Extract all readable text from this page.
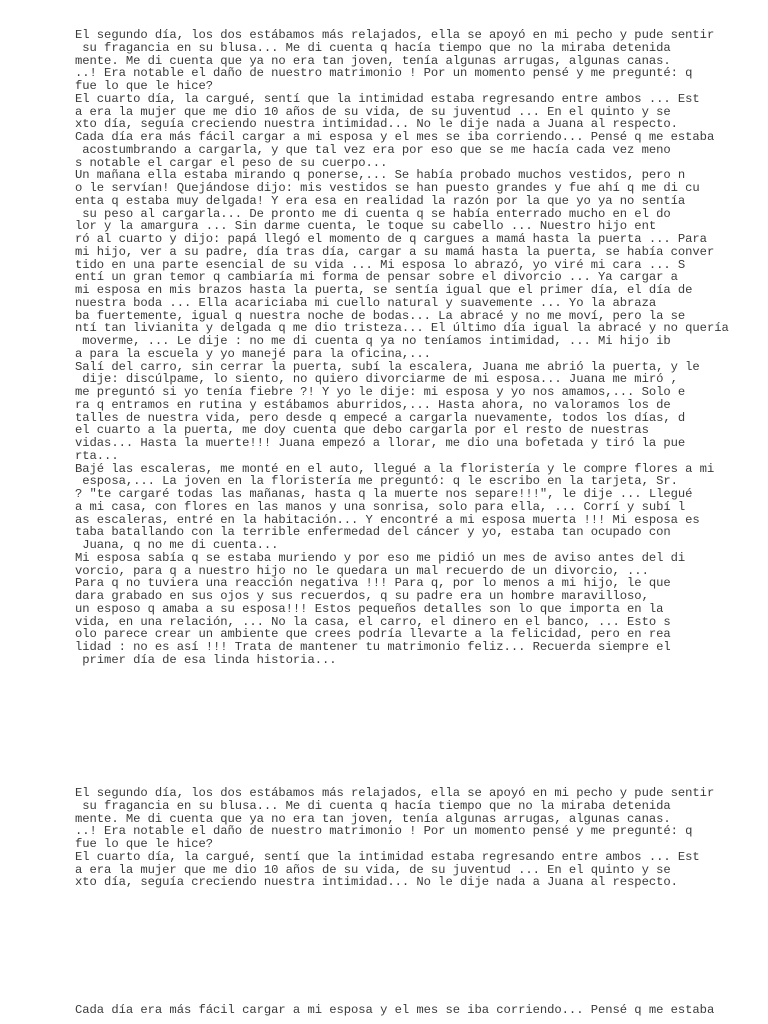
El segundo día, los dos estábamos más relajados, ella se apoyó en mi pecho y pude sentir
su fragancia en su blusa... Me di cuenta q hacía tiempo que no la miraba detenida
mente. Me di cuenta que ya no era tan joven, tenía algunas arrugas, algunas canas.
..! Era notable el daño de nuestro matrimonio ! Por un momento pensé y me pregunté: q
fue lo que le hice?
El cuarto día, la cargué, sentí que la intimidad estaba regresando entre ambos ... Est
a era la mujer que me dio 10 años de su vida, de su juventud ... En el quinto y se
xto día, seguía creciendo nuestra intimidad... No le dije nada a Juana al respecto.
Cada día era más fácil cargar a mi esposa y el mes se iba corriendo... Pensé q me estaba
acostumbrando a cargarla, y que tal vez era por eso que se me hacía cada vez meno
s notable el cargar el peso de su cuerpo...
Un mañana ella estaba mirando q ponerse,... Se había probado muchos vestidos, pero n
o le servían! Quejándose dijo: mis vestidos se han puesto grandes y fue ahí q me di cu
enta q estaba muy delgada! Y era esa en realidad la razón por la que yo ya no sentía
su peso al cargarla... De pronto me di cuenta q se había enterrado mucho en el do
lor y la amargura ... Sin darme cuenta, le toque su cabello ... Nuestro hijo ent
ró al cuarto y dijo: papá llegó el momento de q cargues a mamá hasta la puerta ... Para
mi hijo, ver a su padre, día tras día, cargar a su mamá hasta la puerta, se había conver
tido en una parte esencial de su vida ... Mi esposa lo abrazó, yo viré mi cara ... S
entí un gran temor q cambiaría mi forma de pensar sobre el divorcio ... Ya cargar a
mi esposa en mis brazos hasta la puerta, se sentía igual que el primer día, el día de
nuestra boda ... Ella acariciaba mi cuello natural y suavemente ... Yo la abraza
ba fuertemente, igual q nuestra noche de bodas... La abracé y no me moví, pero la se
ntí tan livianita y delgada q me dio tristeza... El último día igual la abracé y no quería
moverme, ... Le dije : no me di cuenta q ya no teníamos intimidad, ... Mi hijo ib
a para la escuela y yo manejé para la oficina,...
Salí del carro, sin cerrar la puerta, subí la escalera, Juana me abrió la puerta, y le
dije: discúlpame, lo siento, no quiero divorciarme de mi esposa... Juana me miró ,
me preguntó si yo tenía fiebre ?! Y yo le dije: mi esposa y yo nos amamos,... Solo e
ra q entramos en rutina y estábamos aburridos,... Hasta ahora, no valoramos los de
talles de nuestra vida, pero desde q empecé a cargarla nuevamente, todos los días, d
el cuarto a la puerta, me doy cuenta que debo cargarla por el resto de nuestras
vidas... Hasta la muerte!!! Juana empezó a llorar, me dio una bofetada y tiró la pue
rta...
Bajé las escaleras, me monté en el auto, llegué a la floristería y le compre flores a mi
esposa,... La joven en la floristería me preguntó: q le escribo en la tarjeta, Sr.
? "te cargaré todas las mañanas, hasta q la muerte nos separe!!!", le dije ... Llegué
a mi casa, con flores en las manos y una sonrisa, solo para ella, ... Corrí y subí l
as escaleras, entré en la habitación... Y encontré a mi esposa muerta !!! Mi esposa es
taba batallando con la terrible enfermedad del cáncer y yo, estaba tan ocupado con
Juana, q no me di cuenta...
Mi esposa sabía q se estaba muriendo y por eso me pidió un mes de aviso antes del di
vorcio, para q a nuestro hijo no le quedara un mal recuerdo de un divorcio, ...
Para q no tuviera una reacción negativa !!! Para q, por lo menos a mi hijo, le que
dara grabado en sus ojos y sus recuerdos, q su padre era un hombre maravilloso,
un esposo q amaba a su esposa!!! Estos pequeños detalles son lo que importa en la
vida, en una relación, ... No la casa, el carro, el dinero en el banco, ... Esto s
olo parece crear un ambiente que crees podría llevarte a la felicidad, pero en rea
lidad : no es así !!! Trata de mantener tu matrimonio feliz... Recuerda siempre el
primer día de esa linda historia...
El segundo día, los dos estábamos más relajados, ella se apoyó en mi pecho y pude sentir
su fragancia en su blusa... Me di cuenta q hacía tiempo que no la miraba detenida
mente. Me di cuenta que ya no era tan joven, tenía algunas arrugas, algunas canas.
..! Era notable el daño de nuestro matrimonio ! Por un momento pensé y me pregunté: q
fue lo que le hice?
El cuarto día, la cargué, sentí que la intimidad estaba regresando entre ambos ... Est
a era la mujer que me dio 10 años de su vida, de su juventud ... En el quinto y se
xto día, seguía creciendo nuestra intimidad... No le dije nada a Juana al respecto.
Cada día era más fácil cargar a mi esposa y el mes se iba corriendo... Pensé q me estaba
